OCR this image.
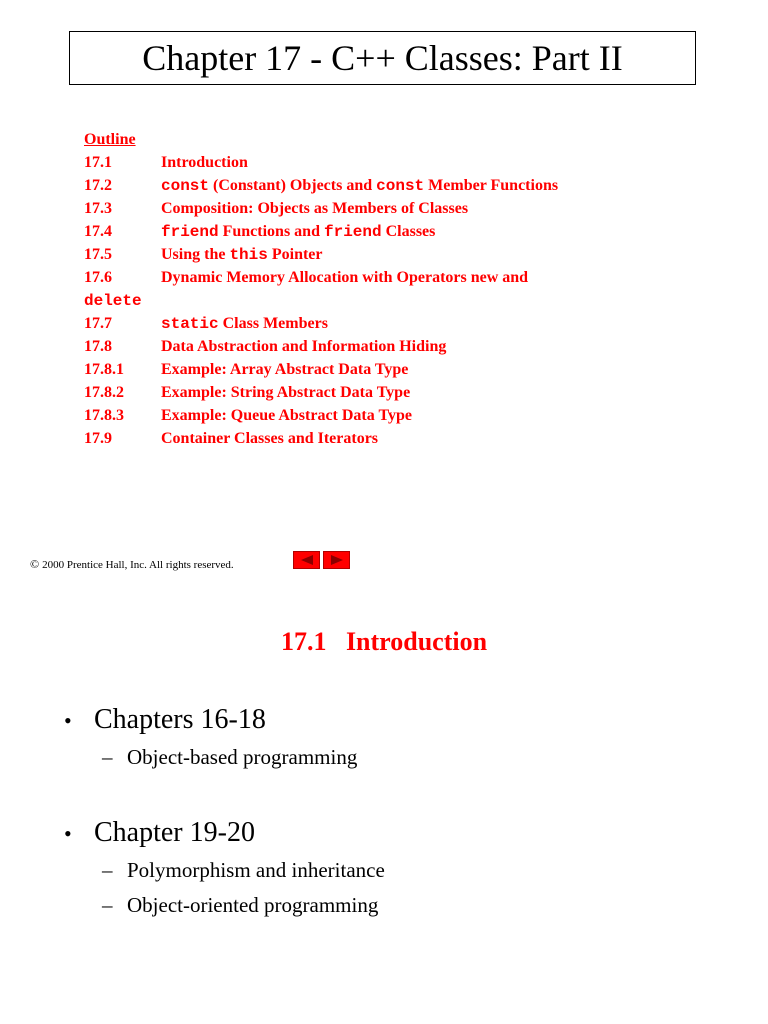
Chapter 17 - C++ Classes: Part II
Outline
17.1	Introduction
17.2	const (Constant) Objects and const Member Functions
17.3	Composition: Objects as Members of Classes
17.4	friend Functions and friend Classes
17.5	Using the this Pointer
17.6	Dynamic Memory Allocation with Operators new and
delete
17.7	static Class Members
17.8	Data Abstraction and Information Hiding
17.8.1	Example: Array Abstract Data Type
17.8.2	Example: String Abstract Data Type
17.8.3	Example: Queue Abstract Data Type
17.9	Container Classes and Iterators
© 2000 Prentice Hall, Inc. All rights reserved.
17.1   Introduction
• Chapters 16-18
– Object-based programming
• Chapter 19-20
– Polymorphism and inheritance
– Object-oriented programming
